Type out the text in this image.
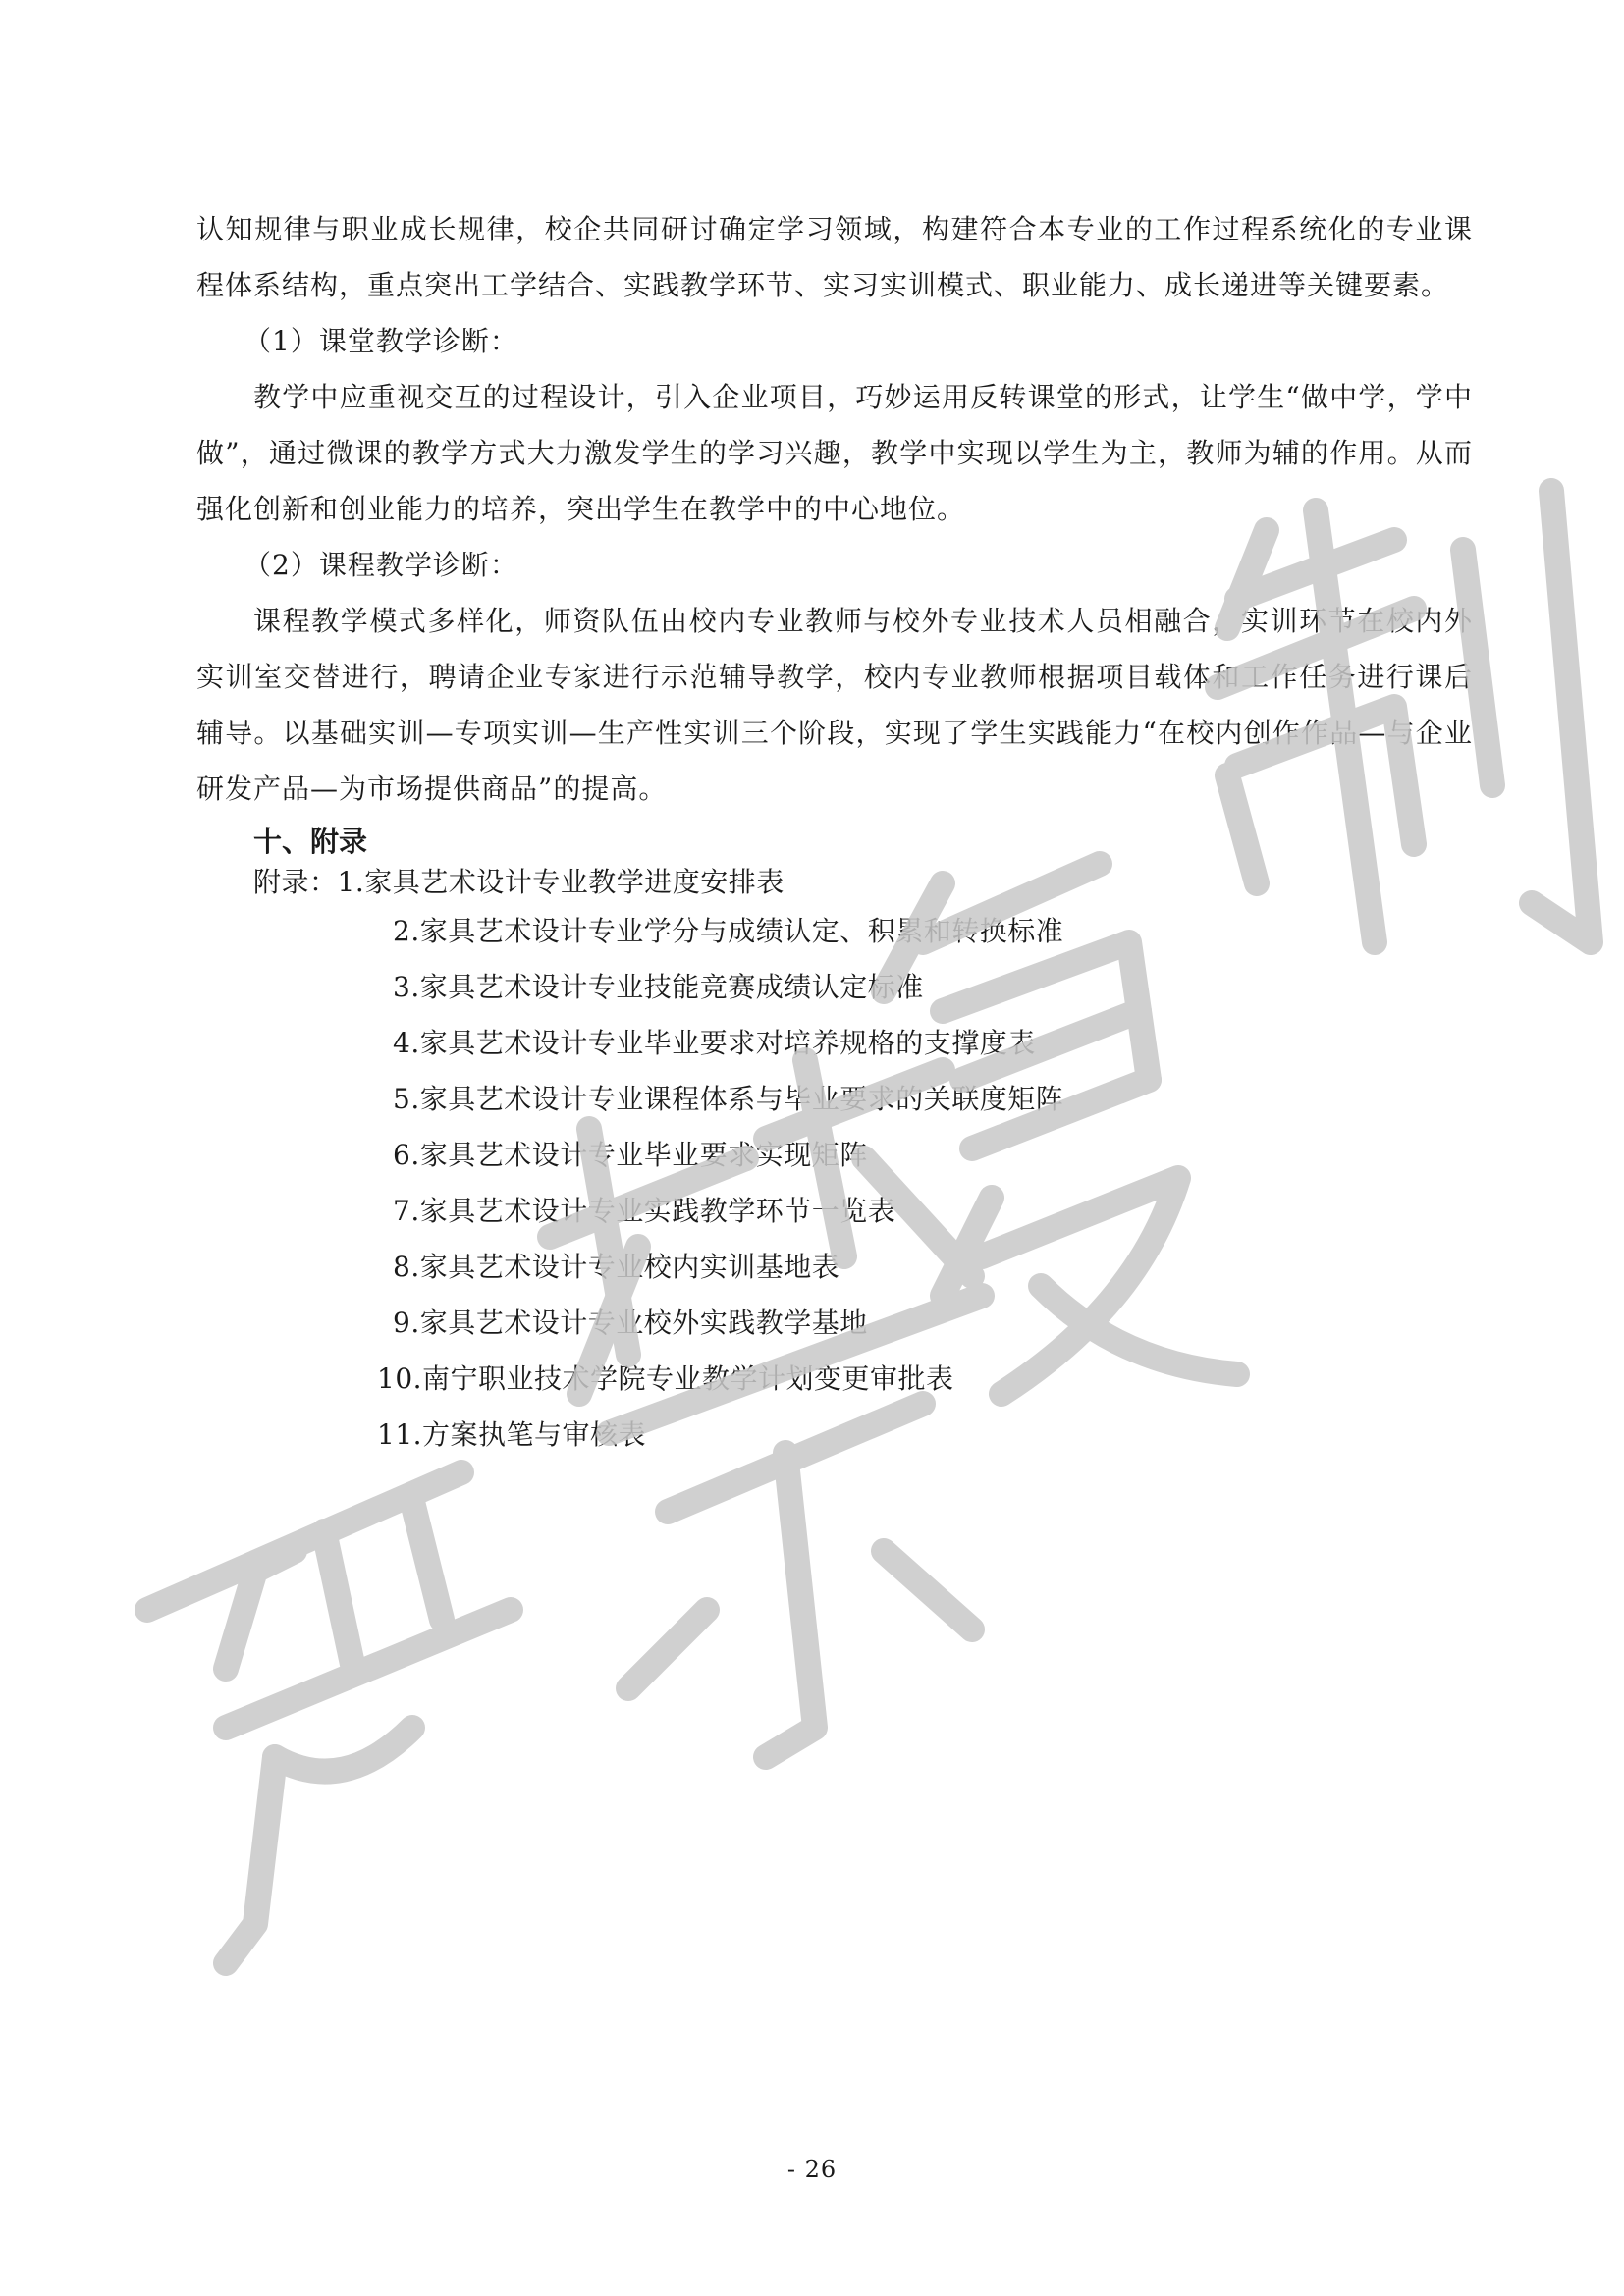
认知规律与职业成长规律，校企共同研讨确定学习领域，构建符合本专业的工作过程系统化的专业课程体系结构，重点突出工学结合、实践教学环节、实习实训模式、职业能力、成长递进等关键要素。

（1）课堂教学诊断：

教学中应重视交互的过程设计，引入企业项目，巧妙运用反转课堂的形式，让学生“做中学，学中做”，通过微课的教学方式大力激发学生的学习兴趣，教学中实现以学生为主，教师为辅的作用。从而强化创新和创业能力的培养，突出学生在教学中的中心地位。

（2）课程教学诊断：

课程教学模式多样化，师资队伍由校内专业教师与校外专业技术人员相融合，实训环节在校内外实训室交替进行，聘请企业专家进行示范辅导教学，校内专业教师根据项目载体和工作任务进行课后辅导。以基础实训—专项实训—生产性实训三个阶段，实现了学生实践能力“在校内创作作品—与企业研发产品—为市场提供商品”的提高。

十、附录
附录：1.家具艺术设计专业教学进度安排表
2.家具艺术设计专业学分与成绩认定、积累和转换标准
3.家具艺术设计专业技能竞赛成绩认定标准
4.家具艺术设计专业毕业要求对培养规格的支撑度表
5.家具艺术设计专业课程体系与毕业要求的关联度矩阵
6.家具艺术设计专业毕业要求实现矩阵
7.家具艺术设计专业实践教学环节一览表
8.家具艺术设计专业校内实训基地表
9.家具艺术设计专业校外实践教学基地
10.南宁职业技术学院专业教学计划变更审批表
11.方案执笔与审核表
- 26
